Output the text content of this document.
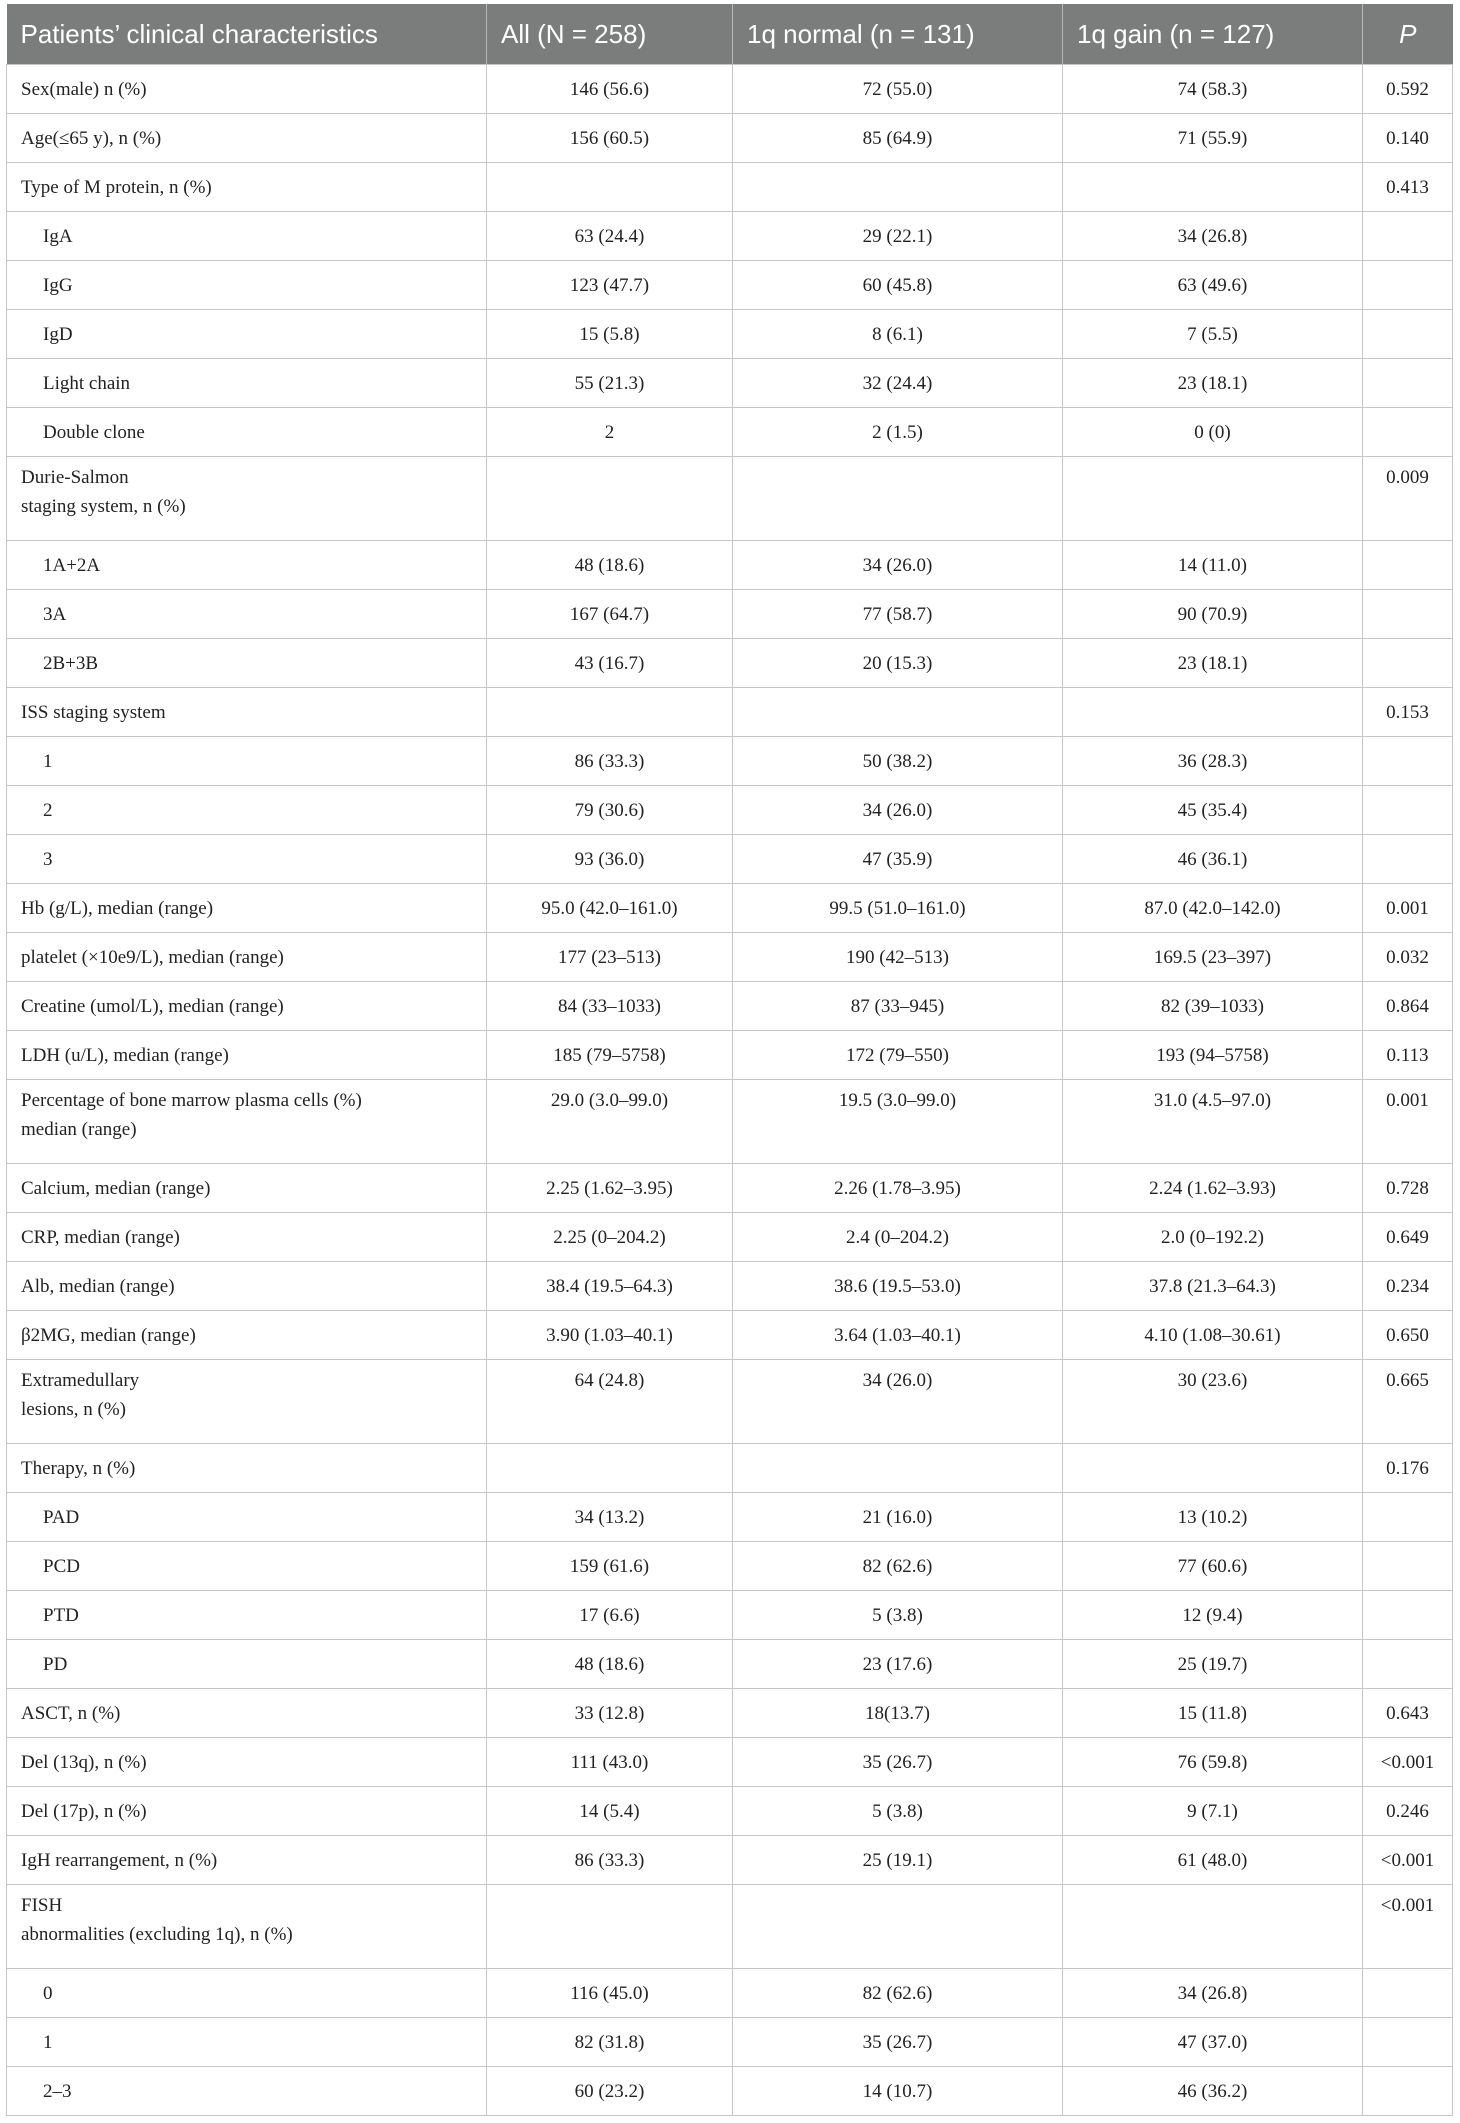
Patients’ clinical characteristics	All (N = 258)	1q normal (n = 131)	1q gain (n = 127)	P

Sex(male) n (%)	146 (56.6)	72 (55.0)	74 (58.3)	0.592

Age(≤65 y), n (%)	156 (60.5)	85 (64.9)	71 (55.9)	0.140

Type of M protein, n (%)				0.413

IgA	63 (24.4)	29 (22.1)	34 (26.8)	

IgG	123 (47.7)	60 (45.8)	63 (49.6)	

IgD	15 (5.8)	8 (6.1)	7 (5.5)	

Light chain	55 (21.3)	32 (24.4)	23 (18.1)	

Double clone	2	2 (1.5)	0 (0)	

Durie-Salmon
staging system, n (%)				0.009

1A+2A	48 (18.6)	34 (26.0)	14 (11.0)	

3A	167 (64.7)	77 (58.7)	90 (70.9)	

2B+3B	43 (16.7)	20 (15.3)	23 (18.1)	

ISS staging system				0.153

1	86 (33.3)	50 (38.2)	36 (28.3)	

2	79 (30.6)	34 (26.0)	45 (35.4)	

3	93 (36.0)	47 (35.9)	46 (36.1)	

Hb (g/L), median (range)	95.0 (42.0–161.0)	99.5 (51.0–161.0)	87.0 (42.0–142.0)	0.001

platelet (×10e9/L), median (range)	177 (23–513)	190 (42–513)	169.5 (23–397)	0.032

Creatine (umol/L), median (range)	84 (33–1033)	87 (33–945)	82 (39–1033)	0.864

LDH (u/L), median (range)	185 (79–5758)	172 (79–550)	193 (94–5758)	0.113

Percentage of bone marrow plasma cells (%)
median (range)	29.0 (3.0–99.0)	19.5 (3.0–99.0)	31.0 (4.5–97.0)	0.001

Calcium, median (range)	2.25 (1.62–3.95)	2.26 (1.78–3.95)	2.24 (1.62–3.93)	0.728

CRP, median (range)	2.25 (0–204.2)	2.4 (0–204.2)	2.0 (0–192.2)	0.649

Alb, median (range)	38.4 (19.5–64.3)	38.6 (19.5–53.0)	37.8 (21.3–64.3)	0.234

β2MG, median (range)	3.90 (1.03–40.1)	3.64 (1.03–40.1)	4.10 (1.08–30.61)	0.650

Extramedullary
lesions, n (%)	64 (24.8)	34 (26.0)	30 (23.6)	0.665

Therapy, n (%)				0.176

PAD	34 (13.2)	21 (16.0)	13 (10.2)	

PCD	159 (61.6)	82 (62.6)	77 (60.6)	

PTD	17 (6.6)	5 (3.8)	12 (9.4)	

PD	48 (18.6)	23 (17.6)	25 (19.7)	

ASCT, n (%)	33 (12.8)	18(13.7)	15 (11.8)	0.643

Del (13q), n (%)	111 (43.0)	35 (26.7)	76 (59.8)	<0.001

Del (17p), n (%)	14 (5.4)	5 (3.8)	9 (7.1)	0.246

IgH rearrangement, n (%)	86 (33.3)	25 (19.1)	61 (48.0)	<0.001

FISH
abnormalities (excluding 1q), n (%)				<0.001

0	116 (45.0)	82 (62.6)	34 (26.8)	

1	82 (31.8)	35 (26.7)	47 (37.0)	

2–3	60 (23.2)	14 (10.7)	46 (36.2)	
